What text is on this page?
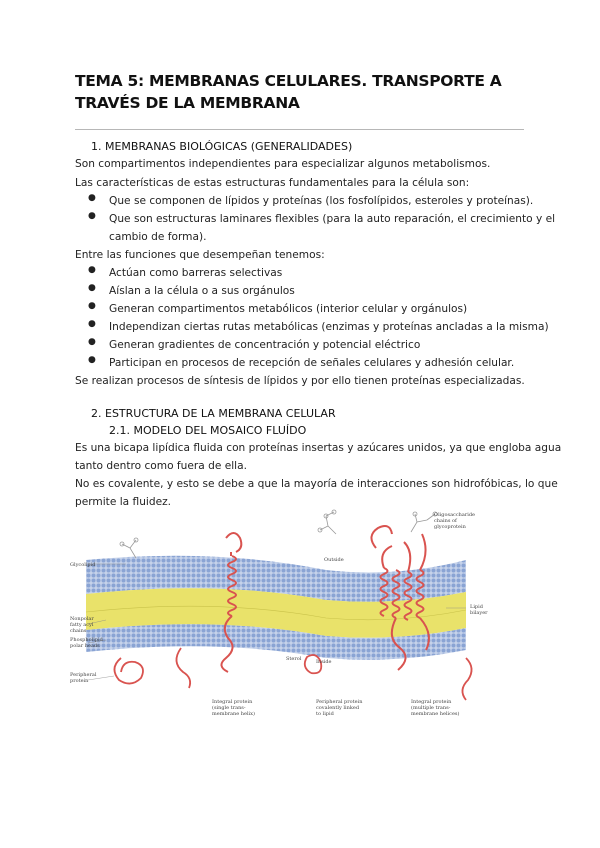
TEMA 5: MEMBRANAS CELULARES. TRANSPORTE A
TRAVÉS DE LA MEMBRANA
1. MEMBRANAS BIOLÓGICAS (GENERALIDADES)
Son compartimentos independientes para especializar algunos metabolismos.
Las características de estas estructuras fundamentales para la célula son:
● Que se componen de lípidos y proteínas (los fosfolípidos, esteroles y proteínas).
● Que son estructuras laminares flexibles (para la auto reparación, el crecimiento y el
cambio de forma).
Entre las funciones que desempeñan tenemos:
● Actúan como barreras selectivas
● Aíslan a la célula o a sus orgánulos
● Generan compartimentos metabólicos (interior celular y orgánulos)
● Independizan ciertas rutas metabólicas (enzimas y proteínas ancladas a la misma)
● Generan gradientes de concentración y potencial eléctrico
● Participan en procesos de recepción de señales celulares y adhesión celular.
Se realizan procesos de síntesis de lípidos y por ello tienen proteínas especializadas.
2. ESTRUCTURA DE LA MEMBRANA CELULAR
2.1. MODELO DEL MOSAICO FLUÍDO
Es una bicapa lipídica fluida con proteínas insertas y azúcares unidos, ya que engloba agua
tanto dentro como fuera de ella.
No es covalente, y esto se debe a que la mayoría de interacciones son hidrofóbicas, lo que
permite la fluidez.
Glycolipid
Outside
Inside
Sterol
Nonpolar
fatty acyl
chains
Phospholipid
polar heads
Peripheral
protein
Lipid
bilayer
Oligosaccharide
chains of
glycoprotein
Integral protein
(single trans-
membrane helix)
Peripheral protein
covalently linked
to lipid
Integral protein
(multiple trans-
membrane helices)
